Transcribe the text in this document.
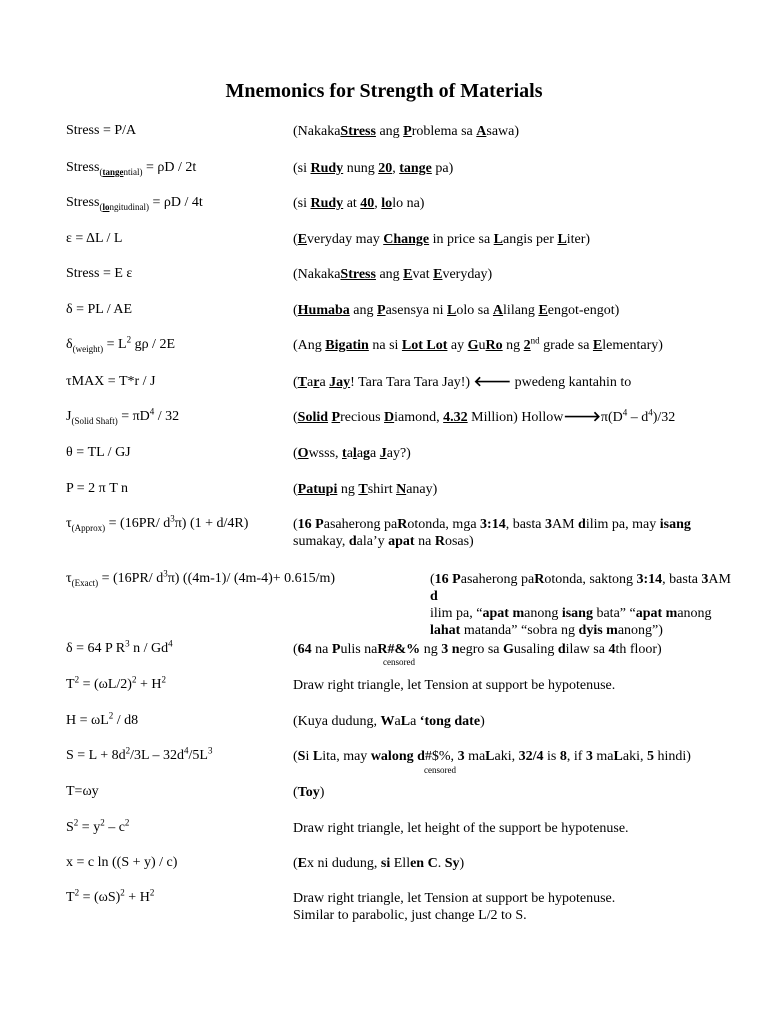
Mnemonics for Strength of Materials
Stress = P/A	(NakakaStress ang Problema sa Asawa)
Stress$_{(tangential)}$ = ρD / 2t	(si Rudy nung 20, tange pa)
Stress$_{(longitudinal)}$ = ρD / 4t	(si Rudy at 40, lolo na)
ε = ΔL / L	(Everyday may Change in price sa Langis per Liter)
Stress = E ε	(NakakaStress ang Evat Everyday)
δ = PL / AE	(Humaba ang Pasensya ni Lolo sa Alilang Eengot-engot)
$\delta_{(weight)} = L^2$ gρ / 2E	(Ang Bigatin na si Lot Lot ay GuRo ng 2nd grade sa Elementary)
τMAX = T*r / J	(Tara Jay! Tara Tara Tara Jay!) 🡐 pwedeng kantahin to
$J_{(Solid Shaft)} = \pi D^4 / 32$	(Solid Precious Diamond, 4.32 Million) $Hollow🡒\pi(D^4 - d^4)/32$
θ = TL / GJ	(Owsss, talaga Jay?)
P = 2 π T n	(Patupi ng Tshirt Nanay)
$\tau_{(Approx)} = (16PR/$ $d^3\pi$) (1 + d/4R)	(16 Pasaherong paRotonda, mga 3:14, basta 3AM dilim pa, may isang sumakay, dala’y apat na Rosas)
$\tau_{(Exact)} = (16PR/$ $d^3\pi$) ((4m-1)/ (4m-4)+ 0.615/m)	(16 Pasaherong paRotonda, saktong 3:14, basta 3AM d
ilim pa, “apat manong isang bata” “apat manong lahat matanda” “sobra ng dyis manong”)

δ = 64 P $R^3$ n / Gd$^4$	(64 na Pulis naR#&% ng 3 negro sa Gusaling dilaw sa 4th floor)
censored
$T^2 = (\omega L/2)^2 + H^2$	Draw right triangle, let Tension at support be hypotenuse.
$H = \omega L^2 / d8$	(Kuya dudung, WaLa ‘tong date)
$S = L + 8d^2/3L - 32d^4/5L^3$	(Si Lita, may walong d#$%, 3 maLaki, 32/4 is 8, if 3 maLaki, 5 hindi)
censored
T=ωy	(Toy)
$S^2 = y^2 - c^2$	Draw right triangle, let height of the support be hypotenuse.
x = c ln ((S + y) / c)	(Ex ni dudung, si Ellen C. Sy)
$T^2 = (\omega S)^2 + H^2$	Draw right triangle, let Tension at support be hypotenuse.
Similar to parabolic, just change L/2 to S.
